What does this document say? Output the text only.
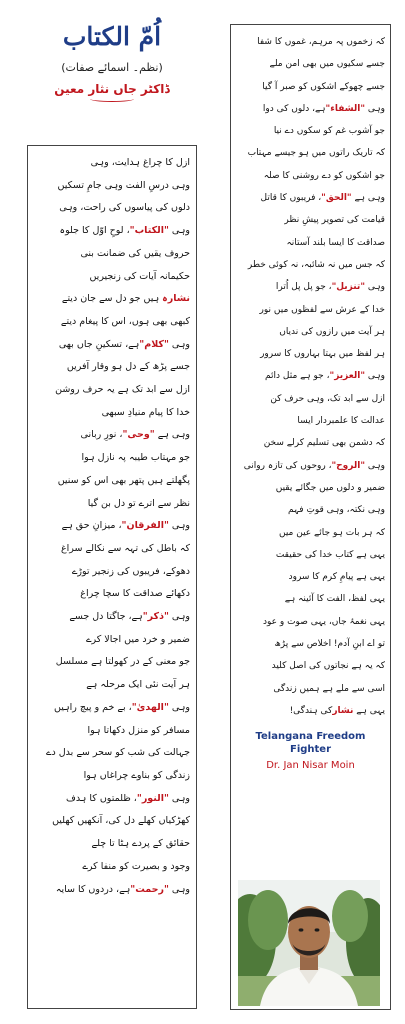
اُمّ الکتاب
(نظم۔ اسمائے صفات)
ڈاکٹر جاں نثار معین
ازل کا چراغ ہدایت، وہی
وہی درسِ الفت وہی جامِ تسکیں
دلوں کی پیاسوں کی راحت، وہی
وہی "الکتاب"، لوحِ اوّل کا جلوہ
حروف یقیں کی ضمانت بنی
حکیمانہ آیات کی زنجیریں
نشارہ ہیں جو دل سے جان دیتے
کبھی بھی ہوں، اس کا پیغام دیتے
وہی "کلام"ہے، تسکینِ جاں بھی
جسے پڑھ کے دل ہو وقار آفریں
ازل سے ابد تک ہے یہ حرف روشن
خدا کا پیام منیادِ سبھی
وہی ہے "وحی"، نورِ ربانی
جو مہتاب طیبہ پہ نازل ہوا
پگھلتے ہیں پتھر بھی اس کو سنیں
نظر سے اترے تو دل بن گیا
وہی "الفرقان"، میزانِ حق ہے
کہ باطل کی تہہ سے نکالے سراغ
دھوکے، فریبوں کی زنجیر توڑے
دکھائے صداقت کا سچا چراغ
وہی "ذکر"ہے، جاگتا دل جسے
ضمیر و خرد میں اجالا کرے
جو معنی کے در کھولتا ہے مسلسل
ہر آیت نئی ایک مرحلہ ہے
وہی "الھدیٰ"، بے خم و پیچ راہیں
مسافر کو منزل دکھاتا ہوا
جہالت کی شب کو سحر سے بدل دے
زندگی کو بناوے چراغاں ہوا
وہی "النور"، ظلمتوں کا ہدف
کھڑکیاں کھلے دل کی، آنکھیں کھلیں
حقائق کے پردے ہٹا تا چلے
وجود و بصیرت کو منفا کرے
وہی "رحمت"ہے، دردوں کا سایہ
کہ زخموں پہ مرہم، غموں کا شفا
جسے سکیوں میں بھی امن ملے
جسے چھوکے اشکوں کو صبر آ گیا
وہی "الشفاء"ہے، دلوں کی دوا
جو آشوب غم کو سکوں دے نیا
کہ تاریک راتوں میں ہو جیسے مہتاب
جو اشکوں کو دے روشنی کا صلہ
وہی ہے "الحق"، فریبوں کا قاتل
قیامت کی تصویر پیشِ نظر
صداقت کا ایسا بلند آستانہ
کہ جس میں نہ شائبہ، نہ کوئی خطر
وہی "تنزیل"، جو پل پل اُترا
خدا کے عرش سے لفظوں میں نور
ہر آیت میں رازوں کی ندیاں
ہر لفظ میں بہتا بہاروں کا سرور
وہی "العزیز"، جو ہے مثل دائم
ازل سے ابد تک، وہی حرف کن
عدالت کا علمبردار ایسا
کہ دشمن بھی تسلیم کرلے سخن
وہی "الروح"، روحوں کی تازہ روانی
ضمیر و دلوں میں جگائے یقیں
وہی نکتہ، وہی قوتِ فہم
کہ ہر بات ہو جائے عین میں
یہی ہے کتاب خدا کی حقیقت
یہی ہے پیامِ کرم کا سرود
یہی لفظ، الفت کا آئینہ ہے
یہی نغمۂ جاں، یہی صوت و عود
تو اے ابنِ آدم! اخلاص سے پڑھ
کہ یہ ہے نجاتوں کی اصل کلید
اسی سے ملے ہے ہمیں زندگی
یہی ہے نشارکی ہندگی!
Telangana Freedom Fighter
Dr. Jan Nisar Moin
